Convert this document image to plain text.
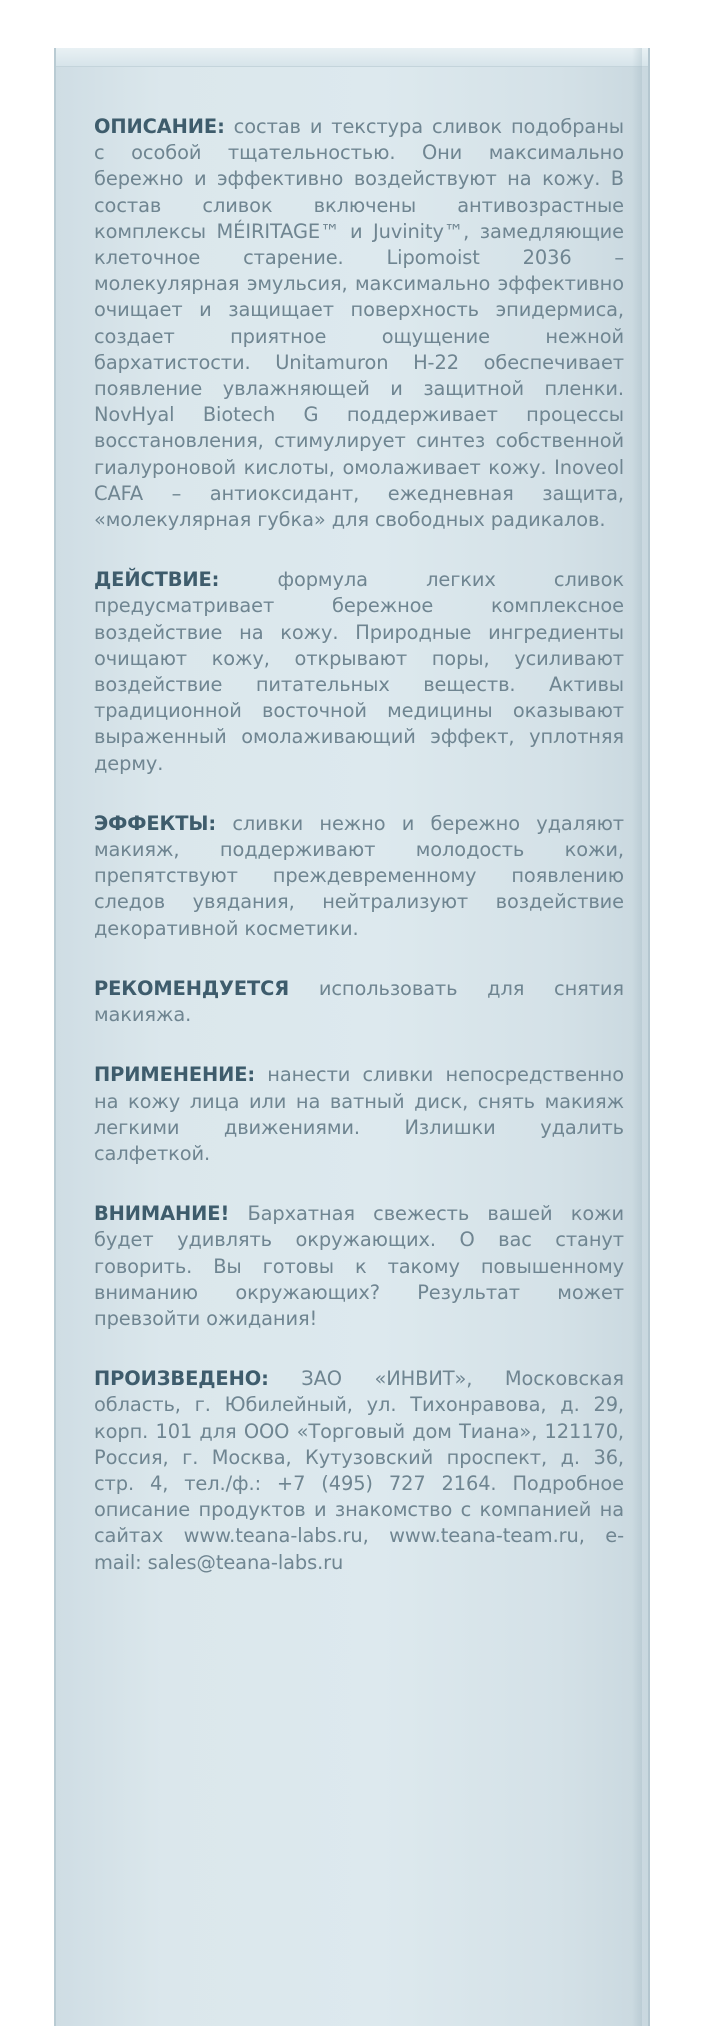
ОПИСАНИЕ: состав и текстура сливок подобраны с особой тщательностью. Они максимально бережно и эффективно воздействуют на кожу. В состав сливок включены антивозрастные комплексы MÉIRITAGE™ и Juvinity™, замедляющие клеточное старение. Lipomoist 2036 – молекулярная эмульсия, максимально эффективно очищает и защищает поверхность эпидермиса, создает приятное ощущение нежной бархатистости. Unitamuron H-22 обеспечивает появление увлажняющей и защитной пленки. NovHyal Biotech G поддерживает процессы восстановления, стимулирует синтез собственной гиалуроновой кислоты, омолаживает кожу. Inoveol CAFA – антиоксидант, ежедневная защита, «молекулярная губка» для свободных радикалов.

ДЕЙСТВИЕ: формула легких сливок предусматривает бережное комплексное воздействие на кожу. Природные ингредиенты очищают кожу, открывают поры, усиливают воздействие питательных веществ. Активы традиционной восточной медицины оказывают выраженный омолаживающий эффект, уплотняя дерму.

ЭФФЕКТЫ: сливки нежно и бережно удаляют макияж, поддерживают молодость кожи, препятствуют преждевременному появлению следов увядания, нейтрализуют воздействие декоративной косметики.

РЕКОМЕНДУЕТСЯ использовать для снятия макияжа.

ПРИМЕНЕНИЕ: нанести сливки непосредственно на кожу лица или на ватный диск, снять макияж легкими движениями. Излишки удалить салфеткой.

ВНИМАНИЕ! Бархатная свежесть вашей кожи будет удивлять окружающих. О вас станут говорить. Вы готовы к такому повышенному вниманию окружающих? Результат может превзойти ожидания!

ПРОИЗВЕДЕНО: ЗАО «ИНВИТ», Московская область, г. Юбилейный, ул. Тихонравова, д. 29, корп. 101 для ООО «Торговый дом Тиана», 121170, Россия, г. Москва, Кутузовский проспект, д. 36, стр. 4, тел./ф.: +7 (495) 727 2164. Подробное описание продуктов и знакомство с компанией на сайтах www.teana-labs.ru, www.teana-team.ru, e-mail: sales@teana-labs.ru
